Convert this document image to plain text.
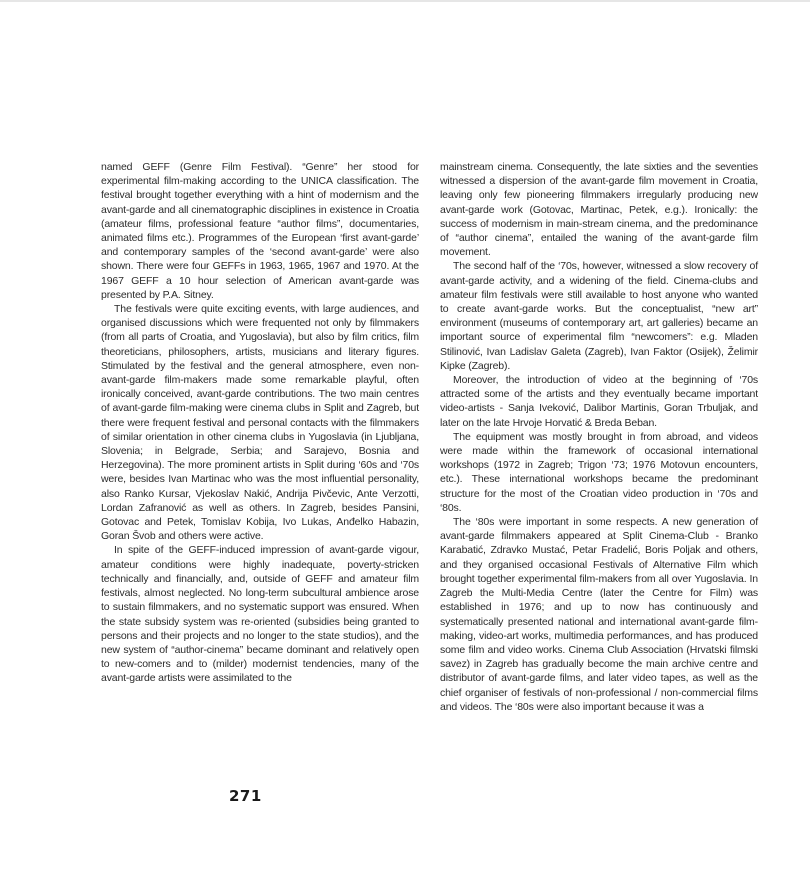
named GEFF (Genre Film Festival). “Genre” her stood for experimental film-making according to the UNICA classification. The festival brought together everything with a hint of modernism and the avant-garde and all cinematographic disciplines in existence in Croatia (amateur films, professional feature “author films”, documentaries, animated films etc.). Programmes of the European ‘first avant-garde’ and contemporary samples of the ‘second avant-garde’ were also shown. There were four GEFFs in 1963, 1965, 1967 and 1970. At the 1967 GEFF a 10 hour selection of American avant-garde was presented by P.A. Sitney.

The festivals were quite exciting events, with large audiences, and organised discussions which were frequented not only by filmmakers (from all parts of Croatia, and Yugoslavia), but also by film critics, film theoreticians, philosophers, artists, musicians and literary figures. Stimulated by the festival and the general atmosphere, even non-avant-garde film-makers made some remarkable playful, often ironically conceived, avant-garde contributions. The two main centres of avant-garde film-making were cinema clubs in Split and Zagreb, but there were frequent festival and personal contacts with the filmmakers of similar orientation in other cinema clubs in Yugoslavia (in Ljubljana, Slovenia; in Belgrade, Serbia; and Sarajevo, Bosnia and Herzegovina). The more prominent artists in Split during ‘60s and ‘70s were, besides Ivan Martinac who was the most influential personality, also Ranko Kursar, Vjekoslav Nakić, Andrija Pivčevic, Ante Verzotti, Lordan Zafranović as well as others. In Zagreb, besides Pansini, Gotovac and Petek, Tomislav Kobija, Ivo Lukas, Anđelko Habazin, Goran Švob and others were active.

In spite of the GEFF-induced impression of avant-garde vigour, amateur conditions were highly inadequate, poverty-stricken technically and financially, and, outside of GEFF and amateur film festivals, almost neglected. No long-term subcultural ambience arose to sustain filmmakers, and no systematic support was ensured. When the state subsidy system was re-oriented (subsidies being granted to persons and their projects and no longer to the state studios), and the new system of “author-cinema” became dominant and relatively open to new-comers and to (milder) modernist tendencies, many of the avant-garde artists were assimilated to the

mainstream cinema. Consequently, the late sixties and the seventies witnessed a dispersion of the avant-garde film movement in Croatia, leaving only few pioneering filmmakers irregularly producing new avant-garde work (Gotovac, Martinac, Petek, e.g.). Ironically: the success of modernism in main-stream cinema, and the predominance of “author cinema”, entailed the waning of the avant-garde film movement.

The second half of the ‘70s, however, witnessed a slow recovery of avant-garde activity, and a widening of the field. Cinema-clubs and amateur film festivals were still available to host anyone who wanted to create avant-garde works. But the conceptualist, “new art” environment (museums of contemporary art, art galleries) became an important source of experimental film “newcomers”: e.g. Mladen Stilinović, Ivan Ladislav Galeta (Zagreb), Ivan Faktor (Osijek), Želimir Kipke (Zagreb).

Moreover, the introduction of video at the beginning of ‘70s attracted some of the artists and they eventually became important video-artists - Sanja Iveković, Dalibor Martinis, Goran Trbuljak, and later on the late Hrvoje Horvatić & Breda Beban.

The equipment was mostly brought in from abroad, and videos were made within the framework of occasional international workshops (1972 in Zagreb; Trigon ‘73; 1976 Motovun encounters, etc.). These international workshops became the predominant structure for the most of the Croatian video production in ‘70s and ‘80s.

The ‘80s were important in some respects. A new generation of avant-garde filmmakers appeared at Split Cinema-Club - Branko Karabatić, Zdravko Mustać, Petar Fradelić, Boris Poljak and others, and they organised occasional Festivals of Alternative Film which brought together experimental film-makers from all over Yugoslavia. In Zagreb the Multi-Media Centre (later the Centre for Film) was established in 1976; and up to now has continuously and systematically presented national and international avant-garde film-making, video-art works, multimedia performances, and has produced some film and video works. Cinema Club Association (Hrvatski filmski savez) in Zagreb has gradually become the main archive centre and distributor of avant-garde films, and later video tapes, as well as the chief organiser of festivals of non-professional / non-commercial films and videos. The ‘80s were also important because it was a

271
